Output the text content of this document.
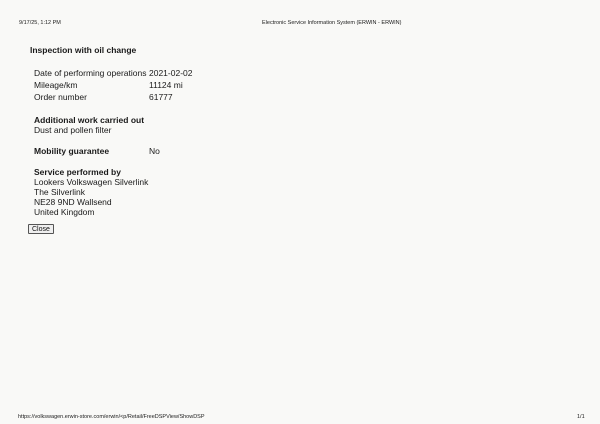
9/17/25, 1:12 PM	Electronic Service Information System (ERWIN - ERWIN)
Inspection with oil change
Date of performing operations 2021-02-02
Mileage/km	11124 mi
Order number	61777
Additional work carried out
Dust and pollen filter
Mobility guarantee	No
Service performed by
Lookers Volkswagen Silverlink
The Silverlink
NE28 9ND Wallsend
United Kingdom
Close
https://volkswagen.erwin-store.com/erwin/<p/Retail/FreeDSPView/ShowDSP	1/1
